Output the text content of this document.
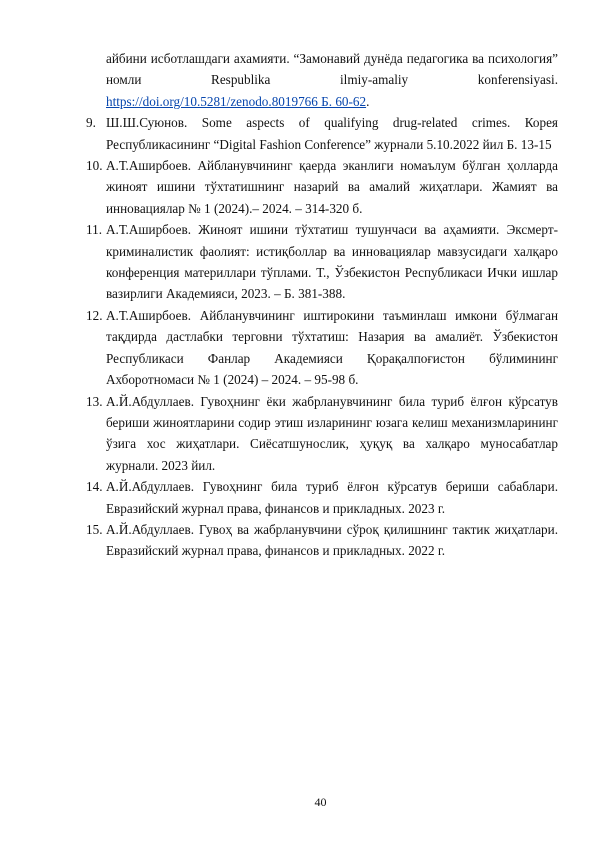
айбини исботлашдаги ахамияти. “Замонавий дунёда педагогика ва психология” номли Respublika ilmiy-amaliy konferensiyasi. https://doi.org/10.5281/zenodo.8019766 Б. 60-62.
9. Ш.Ш.Суюнов. Some aspects of qualifying drug-related crimes. Корея Республикасининг “Digital Fashion Conference” журнали 5.10.2022 йил Б. 13-15
10. А.Т.Аширбоев. Айбланувчининг қаерда эканлиги номаълум бўлган ҳолларда жиноят ишини тўхтатишнинг назарий ва амалий жиҳатлари. Жамият ва инновациялар № 1 (2024).– 2024. – 314-320 б.
11. А.Т.Аширбоев. Жиноят ишини тўхтатиш тушунчаси ва аҳамияти. Эксмерт-криминалистик фаолият: истиқболлар ва инновациялар мавзусидаги халқаро конференция материллари тўплами. Т., Ўзбекистон Республикаси Ички ишлар вазирлиги Академияси, 2023. – Б. 381-388.
12. А.Т.Аширбоев. Айбланувчининг иштирокини таъминлаш имкони бўлмаган тақдирда дастлабки терговни тўхтатиш: Назария ва амалиёт. Ўзбекистон Республикаси Фанлар Академияси Қорақалпоғистон бўлимининг Ахборотномаси № 1 (2024) – 2024. – 95-98 б.
13. А.Й.Абдуллаев. Гувоҳнинг ёки жабрланувчининг била туриб ёлғон кўрсатув бериши жиноятларини содир этиш изларининг юзага келиш механизмларининг ўзига хос жиҳатлари. Сиёсатшунослик, ҳуқуқ ва халқаро муносабатлар журнали. 2023 йил.
14. А.Й.Абдуллаев. Гувоҳнинг била туриб ёлғон кўрсатув бериши сабаблари. Евразийский журнал права, финансов и прикладных. 2023 г.
15. А.Й.Абдуллаев. Гувоҳ ва жабрланувчини сўроқ қилишнинг тактик жиҳатлари. Евразийский журнал права, финансов и прикладных. 2022 г.
40
